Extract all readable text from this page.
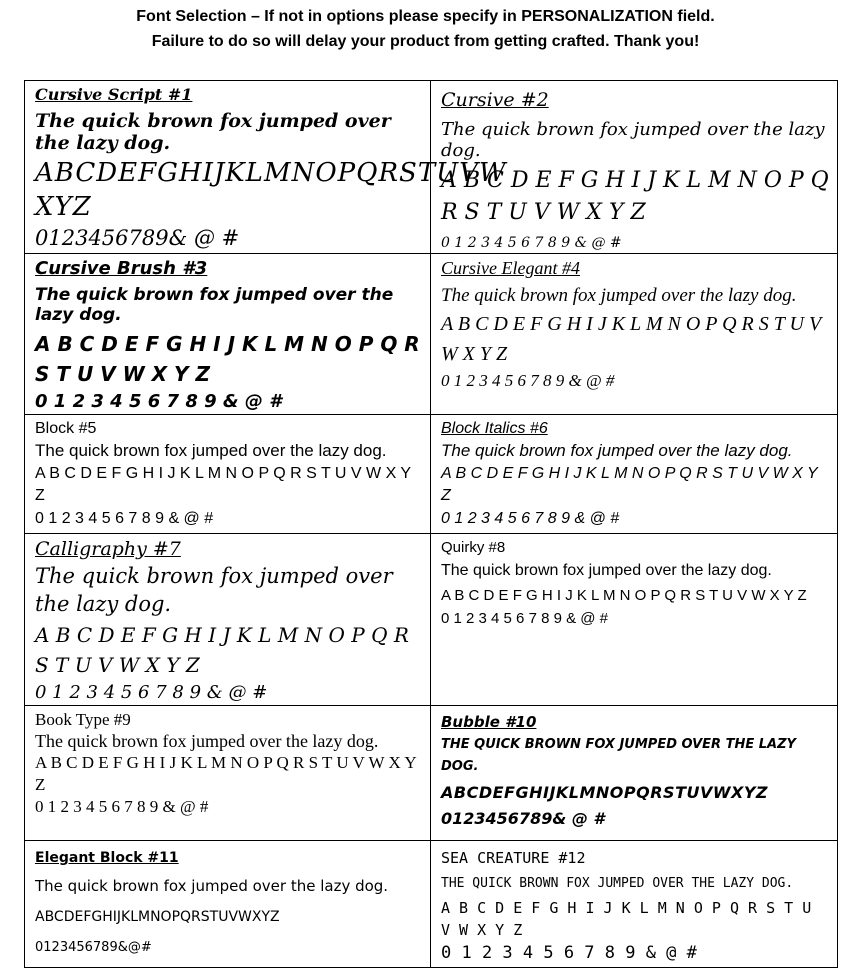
Font Selection – If not in options please specify in PERSONALIZATION field.
Failure to do so will delay your product from getting crafted. Thank you!
Cursive Script #1
The quick brown fox jumped over the lazy dog.
ABCDEFGHIJKLMNOPQRSTUVW XYZ
0123456789& @ #	Cursive #2
The quick brown fox jumped over the lazy dog.
A B C D E F G H I J K L M N O P Q R S T U V W X Y Z
0 1 2 3 4 5 6 7 8 9 & @ #

Cursive Brush #3
The quick brown fox jumped over the lazy dog.
A B C D E F G H I J K L M N O P Q R S T U V W X Y Z
0 1 2 3 4 5 6 7 8 9 & @ #	Cursive Elegant #4
The quick brown fox jumped over the lazy dog.
A B C D E F G H I J K L M N O P Q R S T U V W X Y Z
0 1 2 3 4 5 6 7 8 9 & @ #

Block #5
The quick brown fox jumped over the lazy dog.
A B C D E F G H I J K L M N O P Q R S T U V W X Y Z
0 1 2 3 4 5 6 7 8 9 & @ #	Block Italics #6
The quick brown fox jumped over the lazy dog.
A B C D E F G H I J K L M N O P Q R S T U V W X Y Z
0 1 2 3 4 5 6 7 8 9 & @ #

Calligraphy #7
The quick brown fox jumped over the lazy dog.
A B C D E F G H I J K L M N O P Q R S T U V W X Y Z
0 1 2 3 4 5 6 7 8 9 & @ #	Quirky #8
The quick brown fox jumped over the lazy dog.
A B C D E F G H I J K L M N O P Q R S T U V W X Y Z
0 1 2 3 4 5 6 7 8 9 & @ #

Book Type #9
The quick brown fox jumped over the lazy dog.
A B C D E F G H I J K L M N O P Q R S T U V W X Y Z
0 1 2 3 4 5 6 7 8 9 & @ #	Bubble #10
THE QUICK BROWN FOX JUMPED OVER THE LAZY DOG.
ABCDEFGHIJKLMNOPQRSTUVWXYZ
0123456789& @ #

Elegant Block #11
The quick brown fox jumped over the lazy dog.
ABCDEFGHIJKLMNOPQRSTUVWXYZ
0123456789&@#	SEA CREATURE #12
THE QUICK BROWN FOX JUMPED OVER THE LAZY DOG.
A B C D E F G H I J K L M N O P Q R S T U V W X Y Z
0 1 2 3 4 5 6 7 8 9 & @ #
